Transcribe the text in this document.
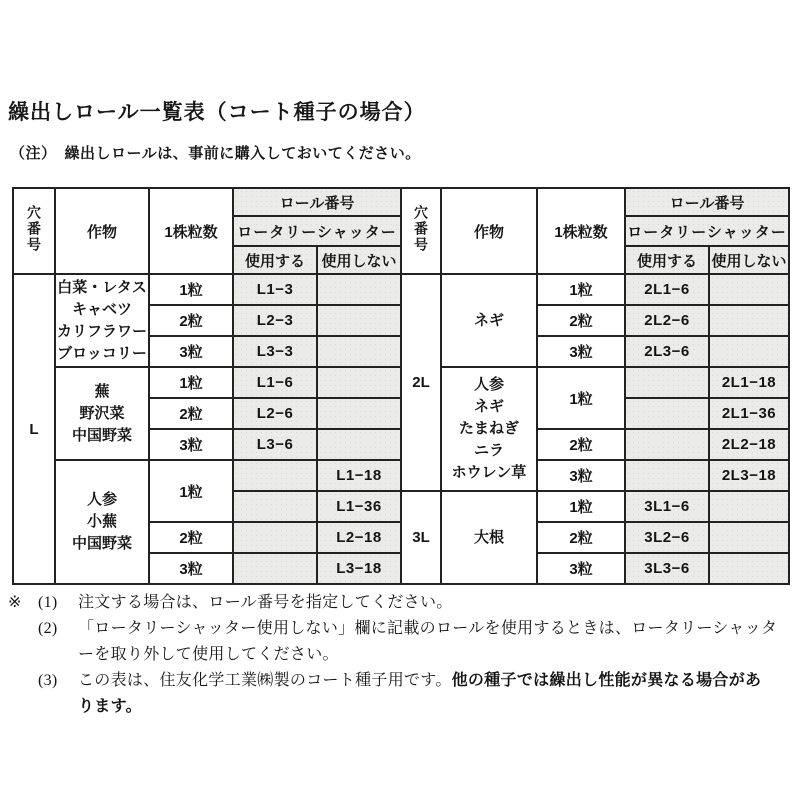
繰出しロール一覧表（コート種子の場合）
（注）　繰出しロールは、事前に購入しておいてください。
穴番号	作物	1株粒数	ロール番号	
			ロータリーシャッター	
			使用する	使用しない
L	白菜・レタス
キャベツ
カリフラワー
ブロッコリー	1粒	L1−3	
		2粒	L2−3	
		3粒	L3−3	

	蕪
野沢菜
中国野菜	1粒	L1−6	
		2粒	L2−6	
		3粒	L3−6	

	人参
小蕪
中国野菜	1粒		L1−18
				L1−36
		2粒		L2−18
		3粒		L3−18
穴番号	作物	1株粒数	ロール番号	
			ロータリーシャッター	
			使用する	使用しない
2L	ネギ	1粒	2L1−6	
		2粒	2L2−6	
		3粒	2L3−6	

	人参
ネギ
たまねぎ
ニラ
ホウレン草	1粒		2L1−18
				2L1−36
		2粒		2L2−18
		3粒		2L3−18
3L	大根	1粒	3L1−6	
		2粒	3L2−6	
		3粒	3L3−6	
※	(1)	注文する場合は、ロール番号を指定してください。
(2)	「ロータリーシャッター使用しない」欄に記載のロールを使用するときは、ロータリーシャッタ
ーを取り外して使用してください。
(3)	この表は、住友化学工業㈱製のコート種子用です。他の種子では繰出し性能が異なる場合があ
ります。
